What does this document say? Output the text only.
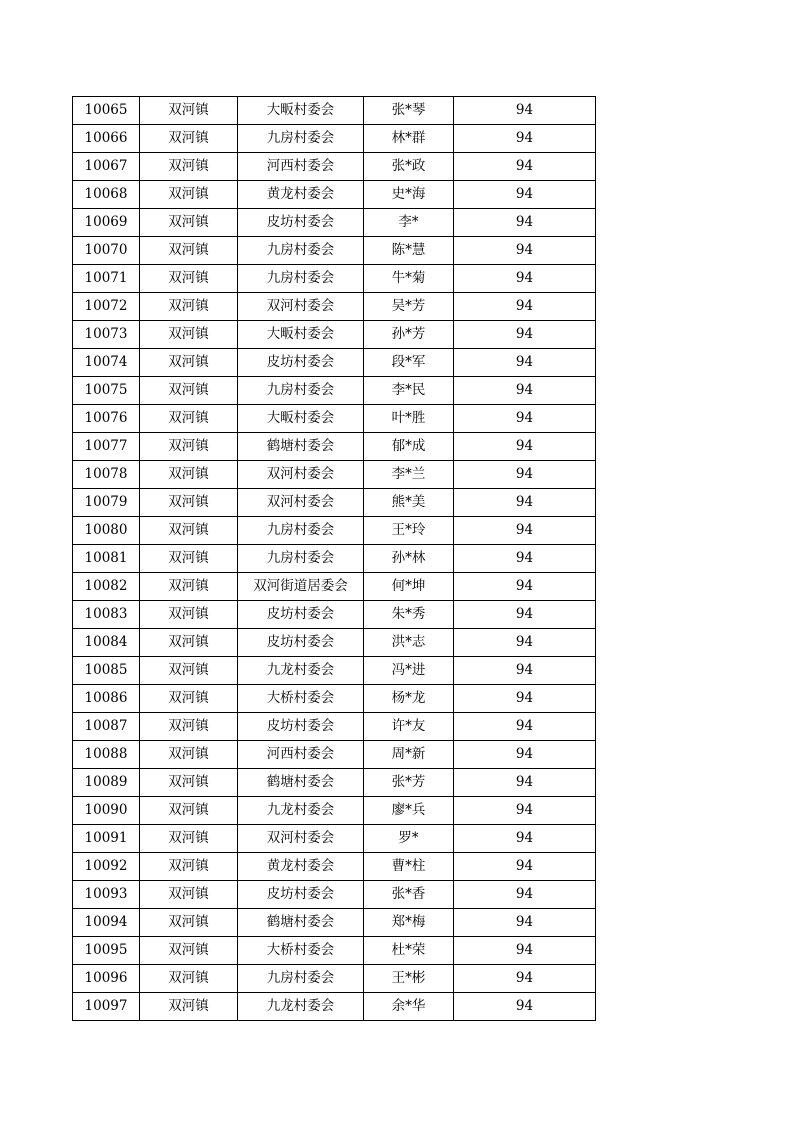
10065	双河镇	大畈村委会	张*琴	94
10066	双河镇	九房村委会	林*群	94
10067	双河镇	河西村委会	张*政	94
10068	双河镇	黄龙村委会	史*海	94
10069	双河镇	皮坊村委会	李*	94
10070	双河镇	九房村委会	陈*慧	94
10071	双河镇	九房村委会	牛*菊	94
10072	双河镇	双河村委会	吴*芳	94
10073	双河镇	大畈村委会	孙*芳	94
10074	双河镇	皮坊村委会	段*军	94
10075	双河镇	九房村委会	李*民	94
10076	双河镇	大畈村委会	叶*胜	94
10077	双河镇	鹤塘村委会	郁*成	94
10078	双河镇	双河村委会	李*兰	94
10079	双河镇	双河村委会	熊*美	94
10080	双河镇	九房村委会	王*玲	94
10081	双河镇	九房村委会	孙*林	94
10082	双河镇	双河街道居委会	何*坤	94
10083	双河镇	皮坊村委会	朱*秀	94
10084	双河镇	皮坊村委会	洪*志	94
10085	双河镇	九龙村委会	冯*进	94
10086	双河镇	大桥村委会	杨*龙	94
10087	双河镇	皮坊村委会	许*友	94
10088	双河镇	河西村委会	周*新	94
10089	双河镇	鹤塘村委会	张*芳	94
10090	双河镇	九龙村委会	廖*兵	94
10091	双河镇	双河村委会	罗*	94
10092	双河镇	黄龙村委会	曹*柱	94
10093	双河镇	皮坊村委会	张*香	94
10094	双河镇	鹤塘村委会	郑*梅	94
10095	双河镇	大桥村委会	杜*荣	94
10096	双河镇	九房村委会	王*彬	94
10097	双河镇	九龙村委会	余*华	94
